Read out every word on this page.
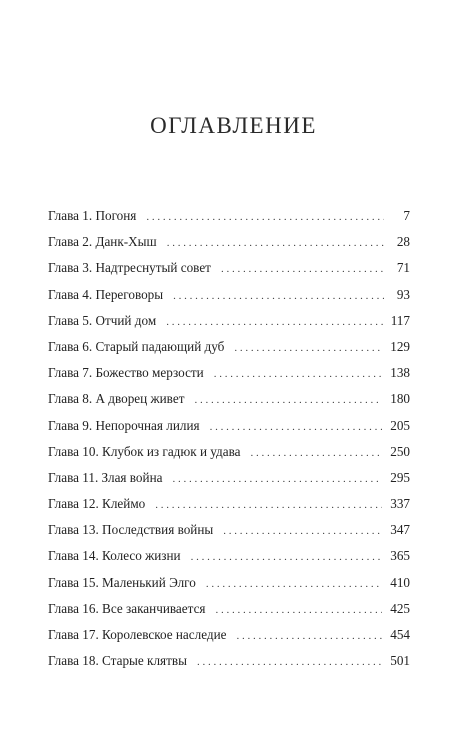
ОГЛАВЛЕНИЕ
Глава 1. Погоня . . .	7
Глава 2. Данк-Хыш . . .	28
Глава 3. Надтреснутый совет . . .	71
Глава 4. Переговоры . . .	93
Глава 5. Отчий дом . . .	117
Глава 6. Старый падающий дуб . . .	129
Глава 7. Божество мерзости . . .	138
Глава 8. А дворец живет . . .	180
Глава 9. Непорочная лилия . . .	205
Глава 10. Клубок из гадюк и удава . . .	250
Глава 11. Злая война . . .	295
Глава 12. Клеймо . . .	337
Глава 13. Последствия войны . . .	347
Глава 14. Колесо жизни . . .	365
Глава 15. Маленький Элго . . .	410
Глава 16. Все заканчивается . . .	425
Глава 17. Королевское наследие . . .	454
Глава 18. Старые клятвы . . .	501
